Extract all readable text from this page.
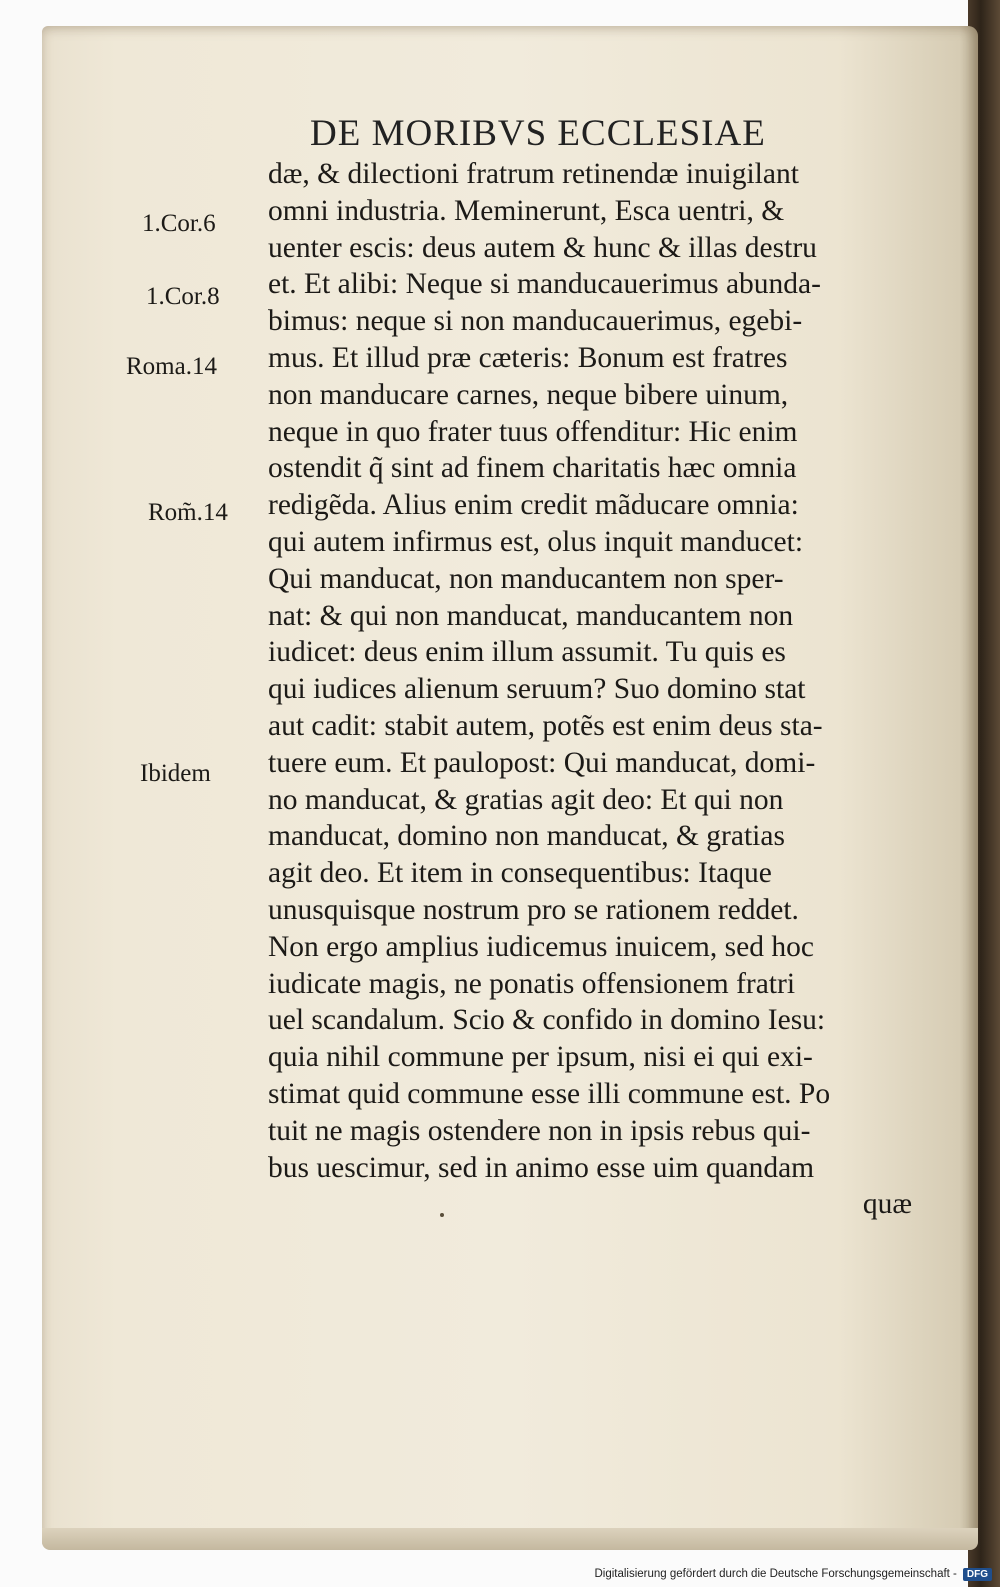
DE MORIBVS ECCLESIAE
1.Cor.6
1.Cor.8
Roma.14
Rom̃.14
Ibidem
dæ, & dilectioni fratrum retinendæ inuigilant
omni industria. Meminerunt, Esca uentri, &
uenter escis: deus autem & hunc & illas destru
et. Et alibi: Neque si manducauerimus abunda-
bimus: neque si non manducauerimus, egebi-
mus. Et illud præ cæteris: Bonum est fratres
non manducare carnes, neque bibere uinum,
neque in quo frater tuus offenditur: Hic enim
ostendit q̃ sint ad finem charitatis hæc omnia
redigẽda. Alius enim credit mãducare omnia:
qui autem infirmus est, olus inquit manducet:
Qui manducat, non manducantem non sper-
nat: & qui non manducat, manducantem non
iudicet: deus enim illum assumit. Tu quis es
qui iudices alienum seruum? Suo domino stat
aut cadit: stabit autem, potẽs est enim deus sta-
tuere eum. Et paulopost: Qui manducat, domi-
no manducat, & gratias agit deo: Et qui non
manducat, domino non manducat, & gratias
agit deo. Et item in consequentibus: Itaque
unusquisque nostrum pro se rationem reddet.
Non ergo amplius iudicemus inuicem, sed hoc
iudicate magis, ne ponatis offensionem fratri
uel scandalum. Scio & confido in domino Iesu:
quia nihil commune per ipsum, nisi ei qui exi-
stimat quid commune esse illi commune est. Po
tuit ne magis ostendere non in ipsis rebus qui-
bus uescimur, sed in animo esse uim quandam
quæ
Digitalisierung gefördert durch die Deutsche Forschungsgemeinschaft -	DFG
